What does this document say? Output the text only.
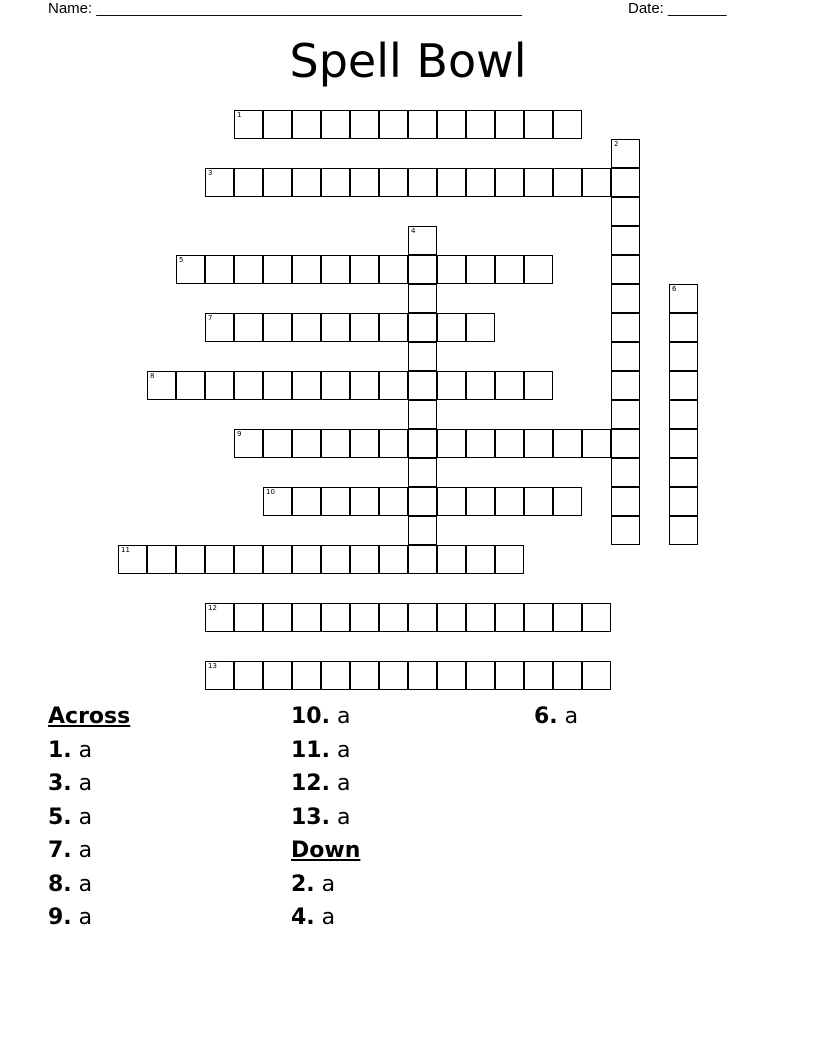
Name: ___________________________________________________	Date: _______
Spell Bowl
1
2
3
4
5
6
7
8
9
10
11
12
13
Across
1. a
3. a
5. a
7. a
8. a
9. a
10. a
11. a
12. a
13. a
Down
2. a
4. a
6. a
